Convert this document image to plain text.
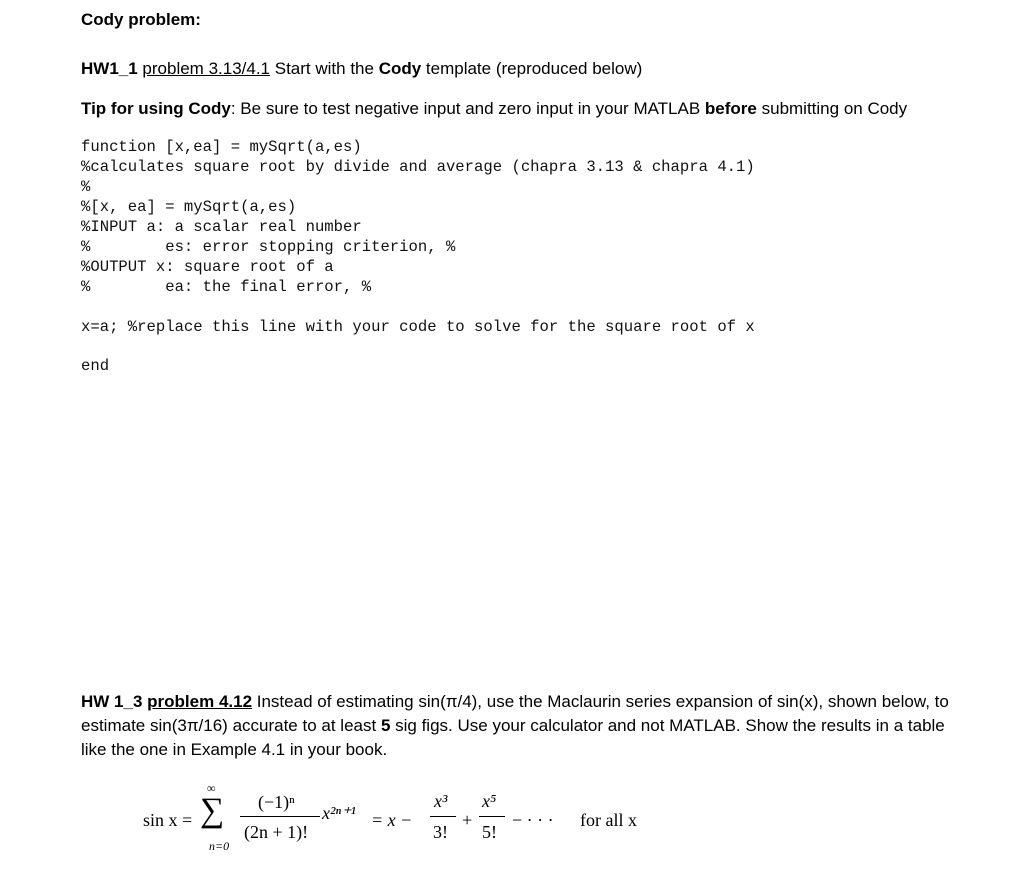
Cody problem:
HW1_1 problem 3.13/4.1 Start with the Cody template (reproduced below)
Tip for using Cody: Be sure to test negative input and zero input in your MATLAB before submitting on Cody
function [x,ea] = mySqrt(a,es)
%calculates square root by divide and average (chapra 3.13 & chapra 4.1)
%
%[x, ea] = mySqrt(a,es)
%INPUT a: a scalar real number
%        es: error stopping criterion, %
%OUTPUT x: square root of a
%        ea: the final error, %
x=a; %replace this line with your code to solve for the square root of x
end
HW 1_3 problem 4.12 Instead of estimating sin(π/4), use the Maclaurin series expansion of sin(x), shown below, to estimate sin(3π/16) accurate to at least 5 sig figs. Use your calculator and not MATLAB. Show the results in a table like the one in Example 4.1 in your book.
sin x =
∞
∑
n=0
(−1)ⁿ
(2n + 1)!
x²ⁿ⁺¹ = x −
x³
3!
+
x⁵
5!
− · · · for all x
